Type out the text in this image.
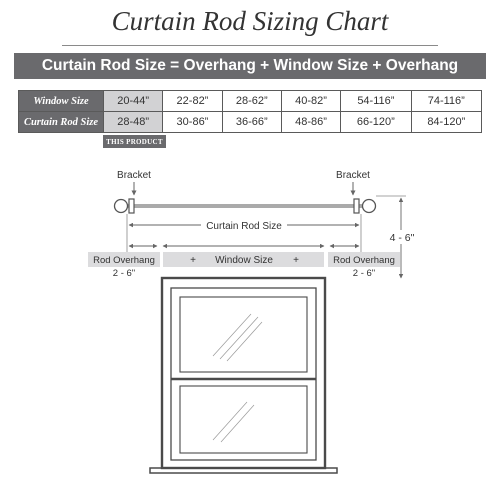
Curtain Rod Sizing Chart
Curtain Rod Size = Overhang + Window Size + Overhang
Window Size	20-44”	22-82”	28-62”	40-82”	54-116”	74-116”
Curtain Rod Size	28-48”	30-86”	36-66”	48-86”	66-120”	84-120”
THIS PRODUCT
Bracket	Bracket
Curtain Rod Size
4 - 6"
Rod Overhang
2 - 6"
+ Window Size +	Rod Overhang
2 - 6"
